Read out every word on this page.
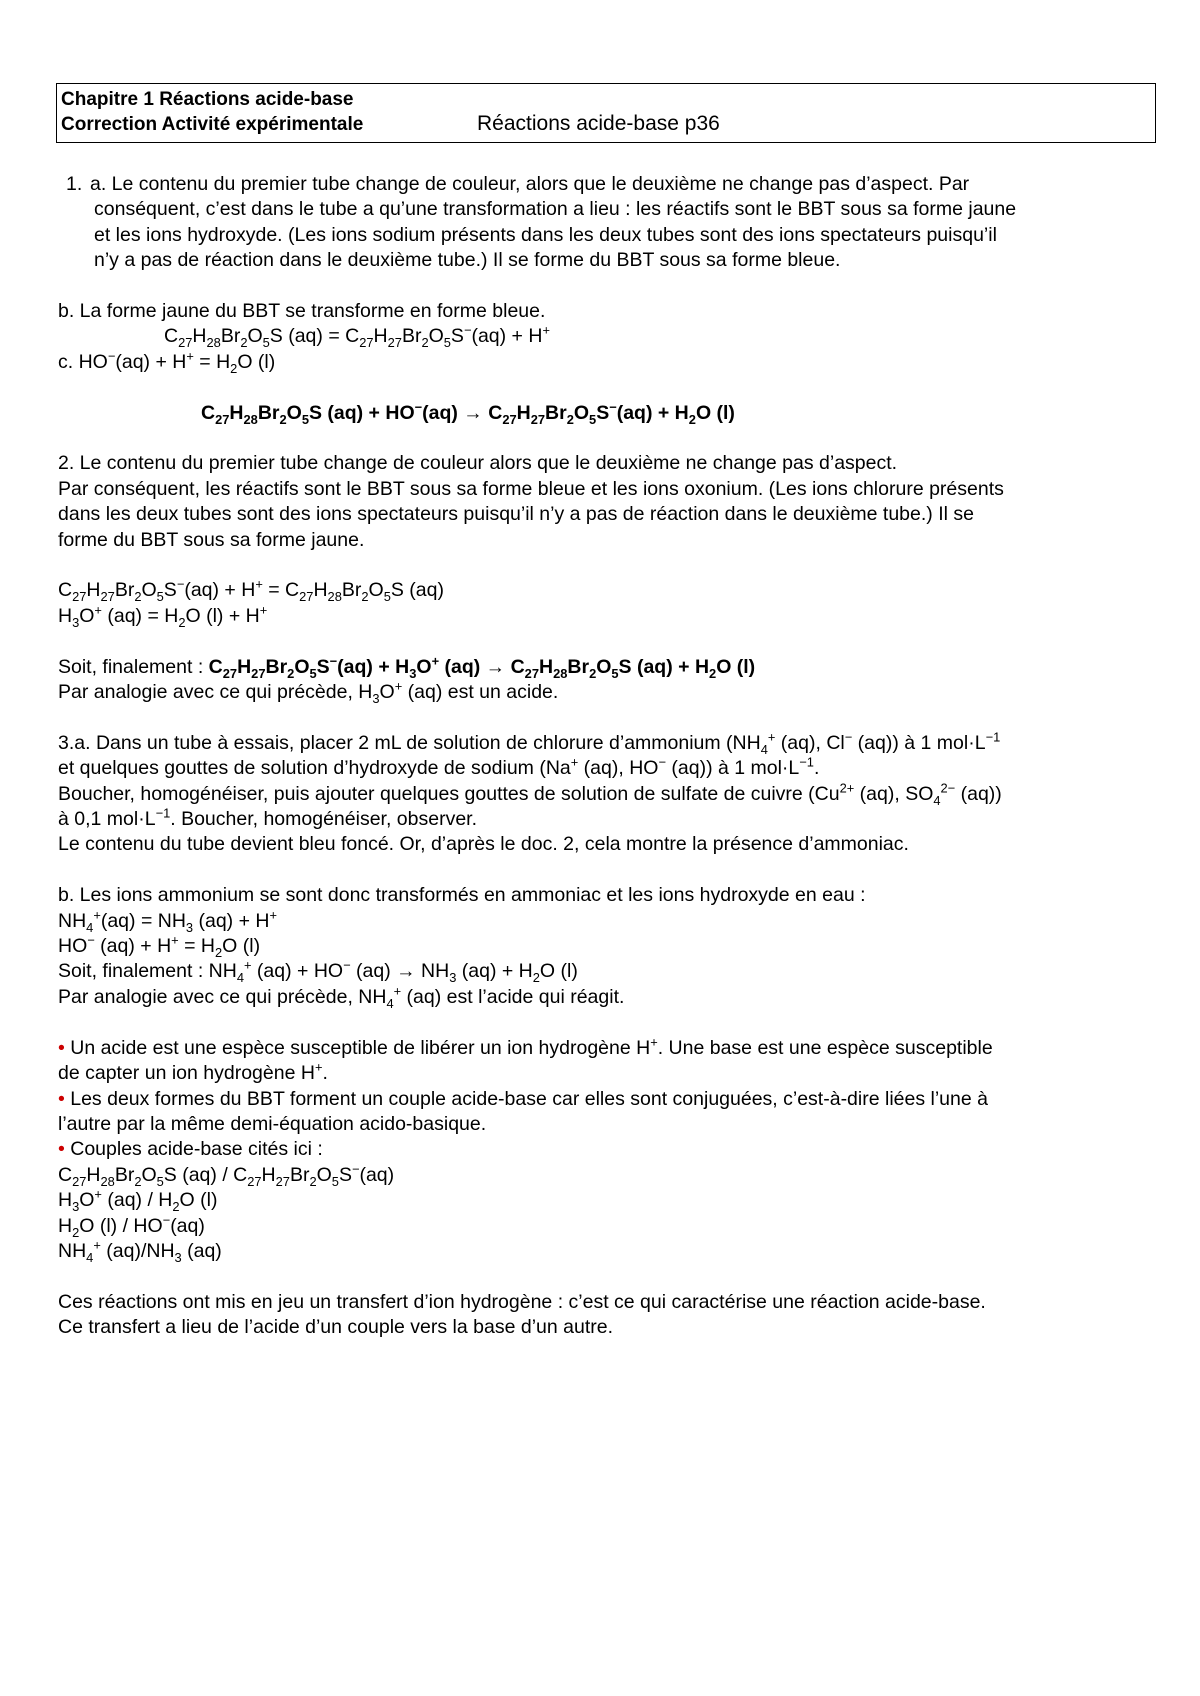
Chapitre 1 Réactions acide-base
Correction Activité expérimentale	Réactions acide-base p36

1. a. Le contenu du premier tube change de couleur, alors que le deuxième ne change pas d’aspect. Par

conséquent, c’est dans le tube a qu’une transformation a lieu : les réactifs sont le BBT sous sa forme jaune

et les ions hydroxyde. (Les ions sodium présents dans les deux tubes sont des ions spectateurs puisqu’il

n’y a pas de réaction dans le deuxième tube.) Il se forme du BBT sous sa forme bleue.

b. La forme jaune du BBT se transforme en forme bleue.

$C_{27}H_{28}Br_2O_5S$ $(aq) = C_{27}H_{27}Br_2O_5S^-(aq) + H^+$

c. $HO^-(aq) + H^+ = H_2O$ (l)

$C_{27}H_{28}Br_2O_5S$ $(aq) + HO^-(aq) \to C_{27}H_{27}Br_2O_5S^-(aq) + H_2O$ (l)

2. Le contenu du premier tube change de couleur alors que le deuxième ne change pas d’aspect.

Par conséquent, les réactifs sont le BBT sous sa forme bleue et les ions oxonium. (Les ions chlorure présents

dans les deux tubes sont des ions spectateurs puisqu’il n’y a pas de réaction dans le deuxième tube.) Il se

forme du BBT sous sa forme jaune.

$C_{27}H_{27}Br_2O_5S^-(aq) + H^+ = C_{27}H_{28}Br_2O_5S$ (aq)

$H_3O^+$ $(aq) = H_2O$ (l) + H+

Soit, finalement : $C_{27}H_{27}Br_2O_5S^-(aq) + H_3O^+$ $(aq) \to C_{27}H_{28}Br_2O_5S$ $(aq) + H_2O$ (l)

Par analogie avec ce qui précède, $H_3O^+$ (aq) est un acide.

3.a. Dans un tube à essais, placer 2 mL de solution de chlorure d’ammonium ($NH_4^+$ (aq), Cl− (aq)) à 1 $mol\cdot L^{-1}$

et quelques gouttes de solution d’hydroxyde de sodium (Na+ (aq), HO− (aq)) à 1 $mol\cdot L^{-1}$.

Boucher, homogénéiser, puis ajouter quelques gouttes de solution de sulfate de cuivre ($Cu^{2+}$ (aq), $SO_4^{2-}$ (aq))

à 0,1 $mol\cdot L^{-1}$. Boucher, homogénéiser, observer.

Le contenu du tube devient bleu foncé. Or, d’après le doc. 2, cela montre la présence d’ammoniac.

b. Les ions ammonium se sont donc transformés en ammoniac et les ions hydroxyde en eau :

$NH_4^+(aq) = NH_3$ (aq) + H+

HO− $(aq) + H^+ = H_2O$ (l)

Soit, finalement : $NH_4^+$ (aq) + HO− $(aq) \to NH_3$ $(aq) + H_2O$ (l)

Par analogie avec ce qui précède, $NH_4^+$ (aq) est l’acide qui réagit.

• Un acide est une espèce susceptible de libérer un ion hydrogène H+. Une base est une espèce susceptible

de capter un ion hydrogène H+.

• Les deux formes du BBT forment un couple acide-base car elles sont conjuguées, c’est-à-dire liées l’une à

l’autre par la même demi-équation acido-basique.

• Couples acide-base cités ici :

$C_{27}H_{28}Br_2O_5S$ $(aq) / C_{27}H_{27}Br_2O_5S^-(aq)$

$H_3O^+$ $(aq) / H_2O$ (l)

$H_2O$ (l) / HO−(aq)

$NH_4^+$ $(aq)/NH_3$ (aq)

Ces réactions ont mis en jeu un transfert d’ion hydrogène : c’est ce qui caractérise une réaction acide-base.

Ce transfert a lieu de l’acide d’un couple vers la base d’un autre.
